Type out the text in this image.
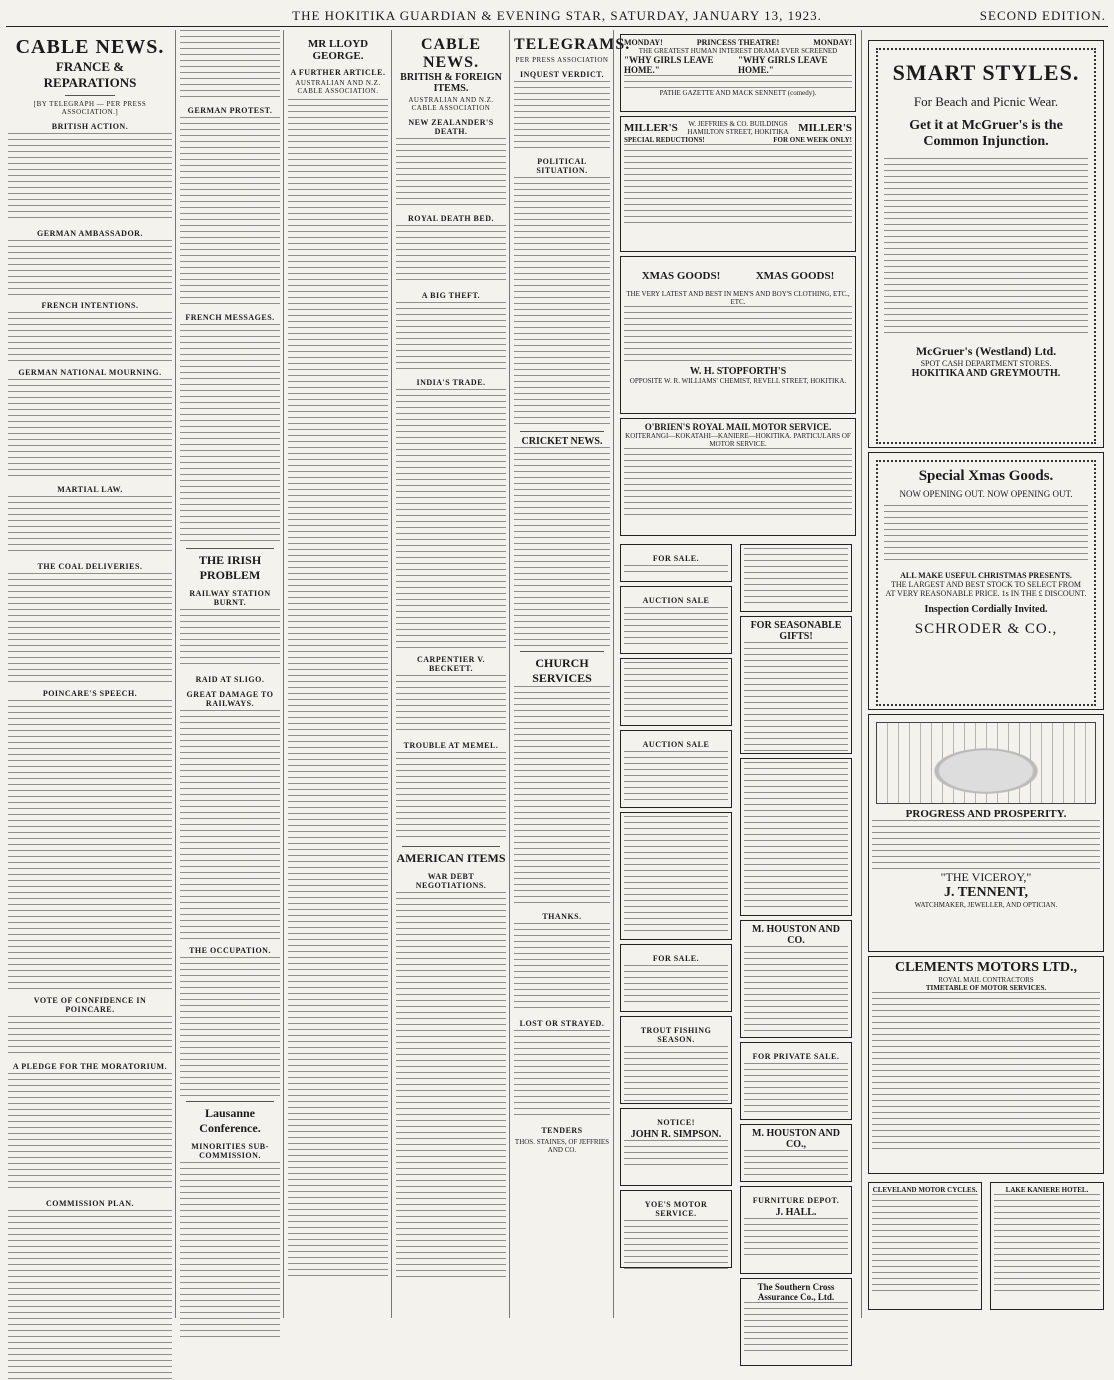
THE HOKITIKA GUARDIAN & EVENING STAR, SATURDAY, JANUARY 13, 1923.	SECOND EDITION.
CABLE NEWS.
FRANCE & REPARATIONS
[BY TELEGRAPH — PER PRESS ASSOCIATION.]
BRITISH ACTION.
GERMAN AMBASSADOR.
FRENCH INTENTIONS.
GERMAN NATIONAL MOURNING.
MARTIAL LAW.
THE COAL DELIVERIES.
POINCARE'S SPEECH.
VOTE OF CONFIDENCE IN POINCARE.
A PLEDGE FOR THE MORATORIUM.
COMMISSION PLAN.
GERMAN PROTEST.
FRENCH MESSAGES.
THE IRISH PROBLEM
RAILWAY STATION BURNT.
RAID AT SLIGO.
GREAT DAMAGE TO RAILWAYS.
THE OCCUPATION.
Lausanne Conference.
MINORITIES SUB-COMMISSION.
MR LLOYD GEORGE.
A FURTHER ARTICLE.
AUSTRALIAN AND N.Z. CABLE ASSOCIATION.
CABLE NEWS.
BRITISH & FOREIGN ITEMS.
AUSTRALIAN AND N.Z. CABLE ASSOCIATION
NEW ZEALANDER'S DEATH.
ROYAL DEATH BED.
A BIG THEFT.
INDIA'S TRADE.
CARPENTIER V. BECKETT.
TROUBLE AT MEMEL.
AMERICAN ITEMS
WAR DEBT NEGOTIATIONS.
TELEGRAMS.
PER PRESS ASSOCIATION
INQUEST VERDICT.
POLITICAL SITUATION.
CRICKET NEWS.
CHURCH SERVICES
THANKS.
LOST OR STRAYED.
TENDERS
THOS. STAINES, OF JEFFRIES AND CO.
MONDAY!	PRINCESS THEATRE!	MONDAY!
THE GREATEST HUMAN INTEREST DRAMA EVER SCREENED
"WHY GIRLS LEAVE HOME."
"WHY GIRLS LEAVE HOME."
PATHE GAZETTE AND MACK SENNETT (comedy).
MILLER'S	W. JEFFRIES & CO. BUILDINGS HAMILTON STREET, HOKITIKA MILLER'S
SPECIAL REDUCTIONS!	FOR ONE WEEK ONLY!
XMAS GOODS!	XMAS GOODS!
THE VERY LATEST AND BEST IN MEN'S AND BOY'S CLOTHING, ETC., ETC.
W. H. STOPFORTH'S
OPPOSITE W. R. WILLIAMS' CHEMIST, REVELL STREET, HOKITIKA.
O'BRIEN'S ROYAL MAIL MOTOR SERVICE.
KOITERANGI—KOKATAHI—KANIERE—HOKITIKA. PARTICULARS OF MOTOR SERVICE.
FOR SALE.
AUCTION SALE
AUCTION SALE
FOR SALE.
TROUT FISHING SEASON.
NOTICE!
JOHN R. SIMPSON.
YOE'S MOTOR SERVICE.
FOR SEASONABLE GIFTS!
M. HOUSTON AND CO.
FOR PRIVATE SALE.
M. HOUSTON AND CO.,
FURNITURE DEPOT.
J. HALL.
The Southern Cross Assurance Co., Ltd.
SMART STYLES.
For Beach and Picnic Wear.
Get it at McGruer's is the Common Injunction.
McGruer's (Westland) Ltd.
SPOT CASH DEPARTMENT STORES.
HOKITIKA AND GREYMOUTH.
Special Xmas Goods.
NOW OPENING OUT. NOW OPENING OUT.
ALL MAKE USEFUL CHRISTMAS PRESENTS.
THE LARGEST AND BEST STOCK TO SELECT FROM
AT VERY REASONABLE PRICE. 1s IN THE £ DISCOUNT.
Inspection Cordially Invited.
SCHRODER & CO.,
PROGRESS AND PROSPERITY.
"THE VICEROY,"
J. TENNENT,
WATCHMAKER, JEWELLER, AND OPTICIAN.
CLEMENTS MOTORS LTD.,
ROYAL MAIL CONTRACTORS
TIMETABLE OF MOTOR SERVICES.
CLEVELAND MOTOR CYCLES.	LAKE KANIERE HOTEL.
